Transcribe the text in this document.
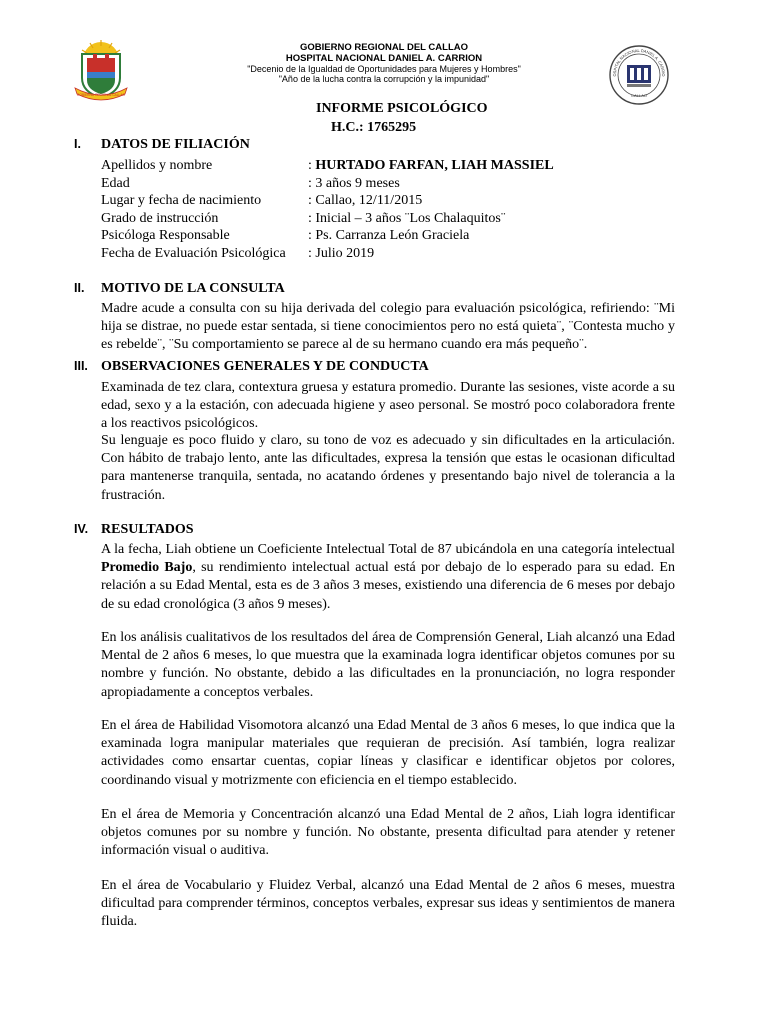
GOBIERNO REGIONAL CALLAO
GOBIERNO REGIONAL DEL CALLAO
HOSPITAL NACIONAL DANIEL A. CARRION
"Decenio de la Igualdad de Oportunidades para Mujeres y Hombres"
"Año de la lucha contra la corrupción y la impunidad"	OSPITAL NACIONAL DANIEL A. CARRIO
CALLAO
INFORME PSICOLÓGICO
H.C.: 1765295
I. DATOS DE FILIACIÓN
Apellidos y nombre	: HURTADO FARFAN, LIAH MASSIEL
Edad	: 3 años 9 meses
Lugar y fecha de nacimiento	: Callao, 12/11/2015
Grado de instrucción	: Inicial – 3 años ¨Los Chalaquitos¨
Psicóloga Responsable	: Ps. Carranza León Graciela
Fecha de Evaluación Psicológica : Julio 2019
II. MOTIVO DE LA CONSULTA

Madre acude a consulta con su hija derivada del colegio para evaluación psicológica, refiriendo: ¨Mi hija se distrae, no puede estar sentada, si tiene conocimientos pero no está quieta¨, ¨Contesta mucho y es rebelde¨, ¨Su comportamiento se parece al de su hermano cuando era más pequeño¨.

III. OBSERVACIONES GENERALES Y DE CONDUCTA

Examinada de tez clara, contextura gruesa y estatura promedio. Durante las sesiones, viste acorde a su edad, sexo y a la estación, con adecuada higiene y aseo personal. Se mostró poco colaboradora frente a los reactivos psicológicos.

Su lenguaje es poco fluido y claro, su tono de voz es adecuado y sin dificultades en la articulación. Con hábito de trabajo lento, ante las dificultades, expresa la tensión que estas le ocasionan dificultad para mantenerse tranquila, sentada, no acatando órdenes y presentando bajo nivel de tolerancia a la frustración.

IV. RESULTADOS

A la fecha, Liah obtiene un Coeficiente Intelectual Total de 87 ubicándola en una categoría intelectual Promedio Bajo, su rendimiento intelectual actual está por debajo de lo esperado para su edad. En relación a su Edad Mental, esta es de 3 años 3 meses, existiendo una diferencia de 6 meses por debajo de su edad cronológica (3 años 9 meses).

En los análisis cualitativos de los resultados del área de Comprensión General, Liah alcanzó una Edad Mental de 2 años 6 meses, lo que muestra que la examinada logra identificar objetos comunes por su nombre y función. No obstante, debido a las dificultades en la pronunciación, no logra responder apropiadamente a conceptos verbales.

En el área de Habilidad Visomotora alcanzó una Edad Mental de 3 años 6 meses, lo que indica que la examinada logra manipular materiales que requieran de precisión. Así también, logra realizar actividades como ensartar cuentas, copiar líneas y clasificar e identificar objetos por colores, coordinando visual y motrizmente con eficiencia en el tiempo establecido.

En el área de Memoria y Concentración alcanzó una Edad Mental de 2 años, Liah logra identificar objetos comunes por su nombre y función. No obstante, presenta dificultad para atender y retener información visual o auditiva.

En el área de Vocabulario y Fluidez Verbal, alcanzó una Edad Mental de 2 años 6 meses, muestra dificultad para comprender términos, conceptos verbales, expresar sus ideas y sentimientos de manera fluida.
